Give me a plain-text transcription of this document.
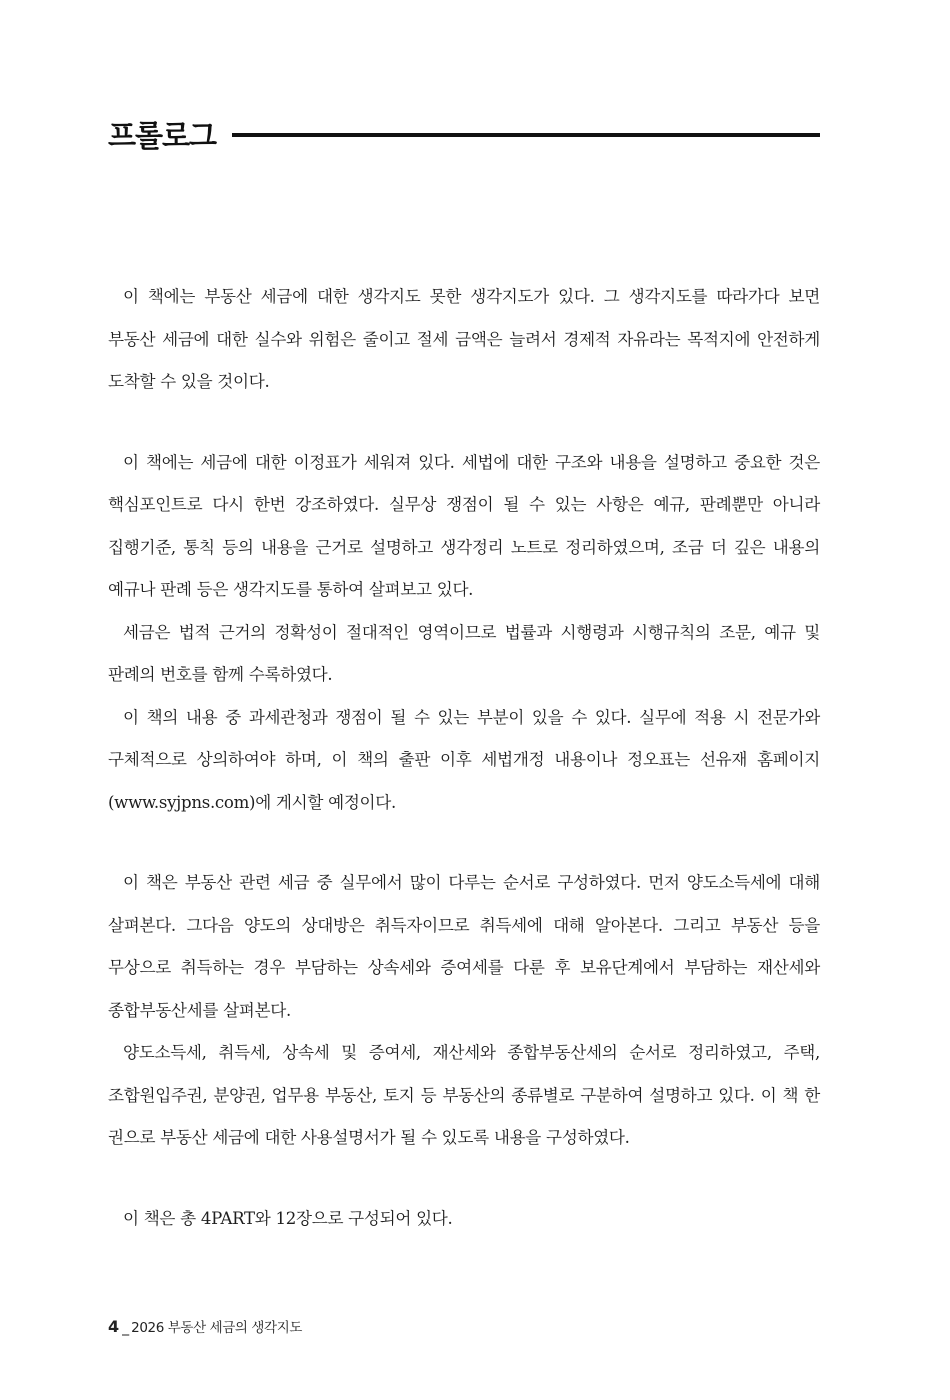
프롤로그

이 책에는 부동산 세금에 대한 생각지도 못한 생각지도가 있다. 그 생각지도를 따라가다 보면 부동산 세금에 대한 실수와 위험은 줄이고 절세 금액은 늘려서 경제적 자유라는 목적지에 안전하게 도착할 수 있을 것이다.

이 책에는 세금에 대한 이정표가 세워져 있다. 세법에 대한 구조와 내용을 설명하고 중요한 것은 핵심포인트로 다시 한번 강조하였다. 실무상 쟁점이 될 수 있는 사항은 예규, 판례뿐만 아니라 집행기준, 통칙 등의 내용을 근거로 설명하고 생각정리 노트로 정리하였으며, 조금 더 깊은 내용의 예규나 판례 등은 생각지도를 통하여 살펴보고 있다.

세금은 법적 근거의 정확성이 절대적인 영역이므로 법률과 시행령과 시행규칙의 조문, 예규 및 판례의 번호를 함께 수록하였다.

이 책의 내용 중 과세관청과 쟁점이 될 수 있는 부분이 있을 수 있다. 실무에 적용 시 전문가와 구체적으로 상의하여야 하며, 이 책의 출판 이후 세법개정 내용이나 정오표는 선유재 홈페이지(www.syjpns.com)에 게시할 예정이다.

이 책은 부동산 관련 세금 중 실무에서 많이 다루는 순서로 구성하였다. 먼저 양도소득세에 대해 살펴본다. 그다음 양도의 상대방은 취득자이므로 취득세에 대해 알아본다. 그리고 부동산 등을 무상으로 취득하는 경우 부담하는 상속세와 증여세를 다룬 후 보유단계에서 부담하는 재산세와 종합부동산세를 살펴본다.

양도소득세, 취득세, 상속세 및 증여세, 재산세와 종합부동산세의 순서로 정리하였고, 주택, 조합원입주권, 분양권, 업무용 부동산, 토지 등 부동산의 종류별로 구분하여 설명하고 있다. 이 책 한 권으로 부동산 세금에 대한 사용설명서가 될 수 있도록 내용을 구성하였다.

이 책은 총 4PART와 12장으로 구성되어 있다.

4 _ 2026 부동산 세금의 생각지도
